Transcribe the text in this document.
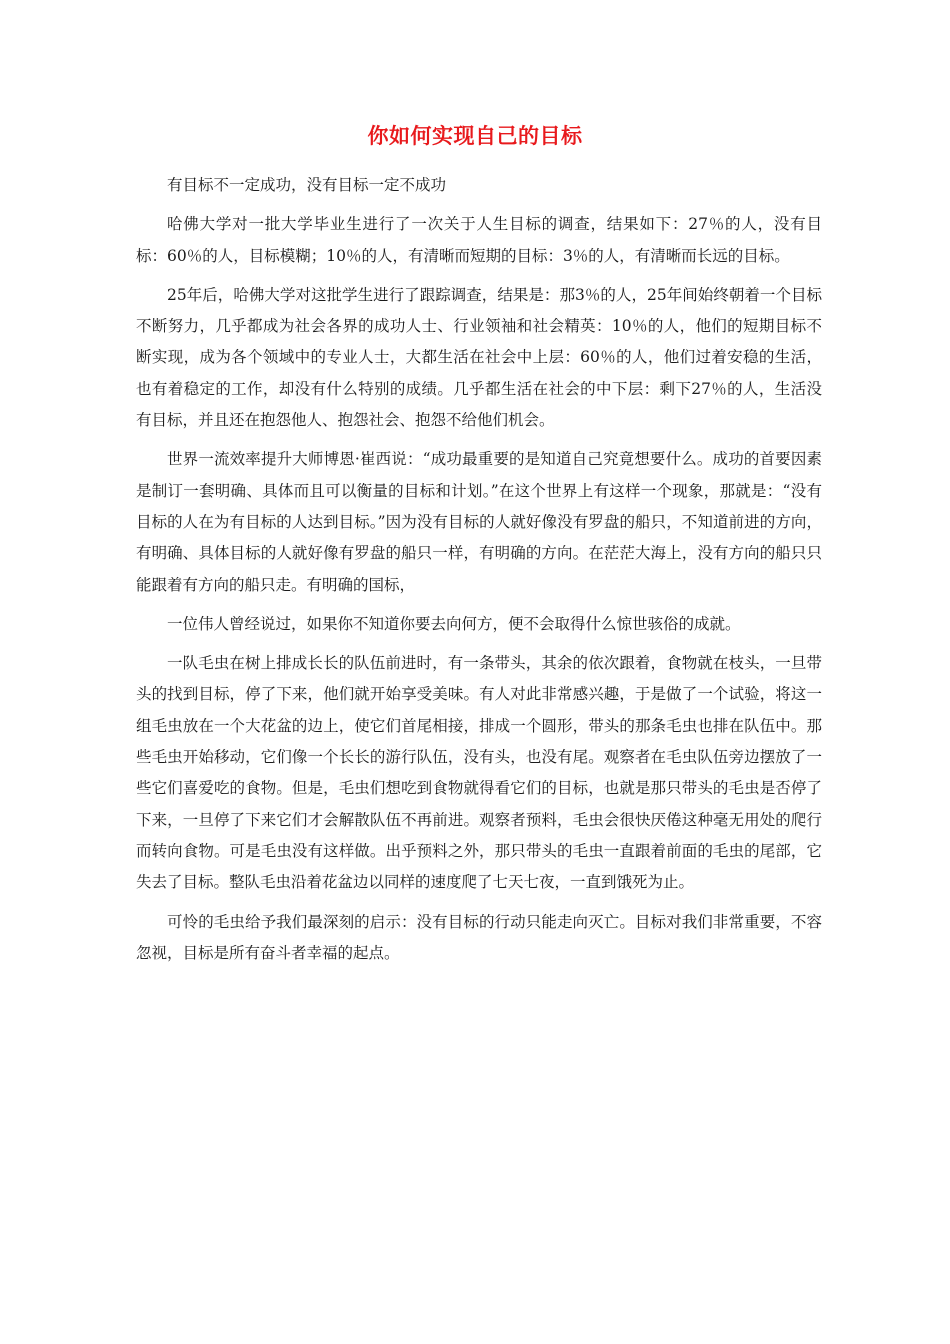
你如何实现自己的目标

有目标不一定成功，没有目标一定不成功

哈佛大学对一批大学毕业生进行了一次关于人生目标的调查，结果如下：27％的人，没有目标：60％的人，目标模糊；10％的人，有清晰而短期的目标：3％的人，有清晰而长远的目标。

25年后，哈佛大学对这批学生进行了跟踪调查，结果是：那3％的人，25年间始终朝着一个目标不断努力，几乎都成为社会各界的成功人士、行业领袖和社会精英：10％的人，他们的短期目标不断实现，成为各个领域中的专业人士，大都生活在社会中上层：60％的人，他们过着安稳的生活，也有着稳定的工作，却没有什么特别的成绩。几乎都生活在社会的中下层：剩下27％的人，生活没有目标，并且还在抱怨他人、抱怨社会、抱怨不给他们机会。

世界一流效率提升大师博恩·崔西说：“成功最重要的是知道自己究竟想要什么。成功的首要因素是制订一套明确、具体而且可以衡量的目标和计划。”在这个世界上有这样一个现象，那就是：“没有目标的人在为有目标的人达到目标。”因为没有目标的人就好像没有罗盘的船只，不知道前进的方向，有明确、具体目标的人就好像有罗盘的船只一样，有明确的方向。在茫茫大海上，没有方向的船只只能跟着有方向的船只走。有明确的国标，

一位伟人曾经说过，如果你不知道你要去向何方，便不会取得什么惊世骇俗的成就。

一队毛虫在树上排成长长的队伍前进时，有一条带头，其余的依次跟着，食物就在枝头，一旦带头的找到目标，停了下来，他们就开始享受美味。有人对此非常感兴趣，于是做了一个试验，将这一组毛虫放在一个大花盆的边上，使它们首尾相接，排成一个圆形，带头的那条毛虫也排在队伍中。那些毛虫开始移动，它们像一个长长的游行队伍，没有头，也没有尾。观察者在毛虫队伍旁边摆放了一些它们喜爱吃的食物。但是，毛虫们想吃到食物就得看它们的目标，也就是那只带头的毛虫是否停了下来，一旦停了下来它们才会解散队伍不再前进。观察者预料，毛虫会很快厌倦这种毫无用处的爬行而转向食物。可是毛虫没有这样做。出乎预料之外，那只带头的毛虫一直跟着前面的毛虫的尾部，它失去了目标。整队毛虫沿着花盆边以同样的速度爬了七天七夜，一直到饿死为止。

可怜的毛虫给予我们最深刻的启示：没有目标的行动只能走向灭亡。目标对我们非常重要，不容忽视，目标是所有奋斗者幸福的起点。
